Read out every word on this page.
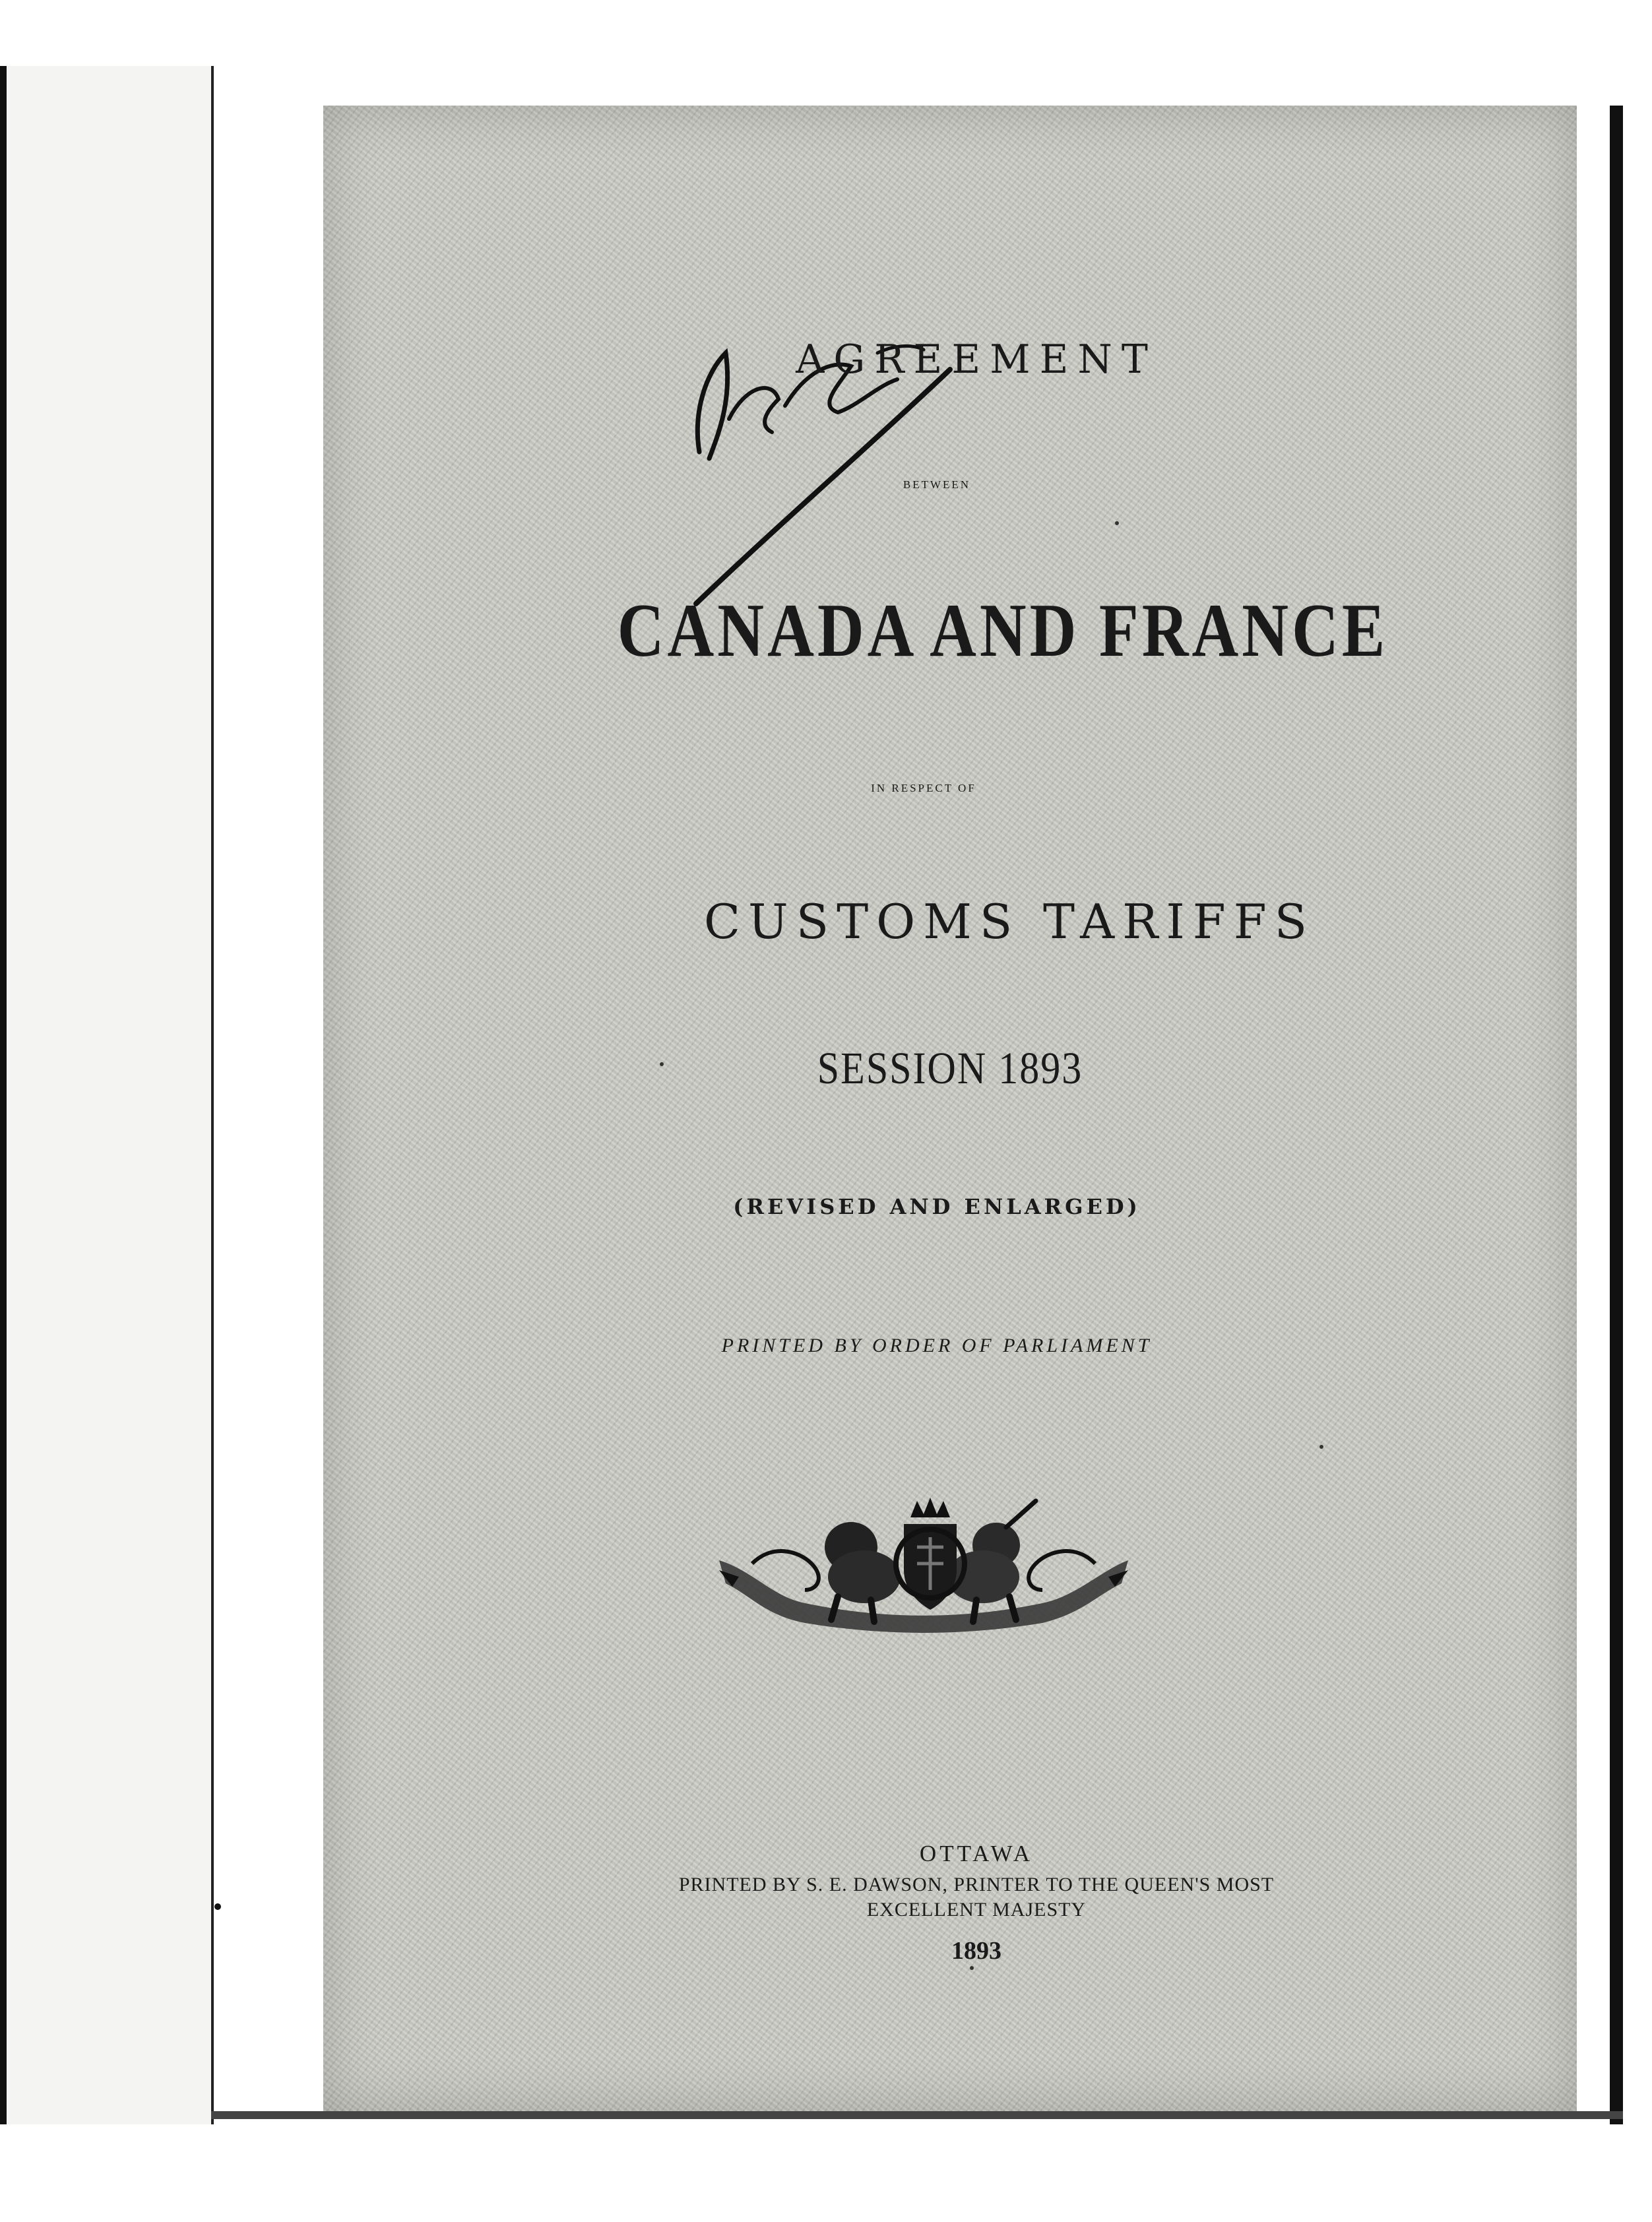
AGREEMENT
BETWEEN
CANADA AND FRANCE
IN RESPECT OF
CUSTOMS TARIFFS
SESSION 1893
(REVISED AND ENLARGED)
PRINTED BY ORDER OF PARLIAMENT
OTTAWA
PRINTED BY S. E. DAWSON, PRINTER TO THE QUEEN'S MOST
EXCELLENT MAJESTY
1893
